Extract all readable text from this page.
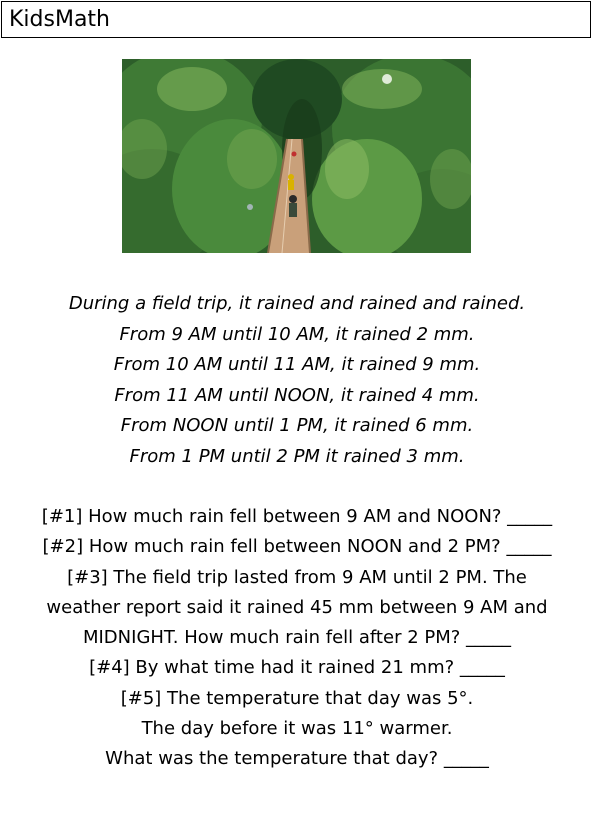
KidsMath
During a field trip, it rained and rained and rained.
From 9 AM until 10 AM, it rained 2 mm.
From 10 AM until 11 AM, it rained 9 mm.
From 11 AM until NOON, it rained 4 mm.
From NOON until 1 PM, it rained 6 mm.
From 1 PM until 2 PM it rained 3 mm.
[#1] How much rain fell between 9 AM and NOON? _____
[#2] How much rain fell between NOON and 2 PM? _____
[#3] The field trip lasted from 9 AM until 2 PM. The
weather report said it rained 45 mm between 9 AM and
MIDNIGHT. How much rain fell after 2 PM? _____
[#4] By what time had it rained 21 mm? _____
[#5] The temperature that day was 5°.
The day before it was 11° warmer.
What was the temperature that day? _____
